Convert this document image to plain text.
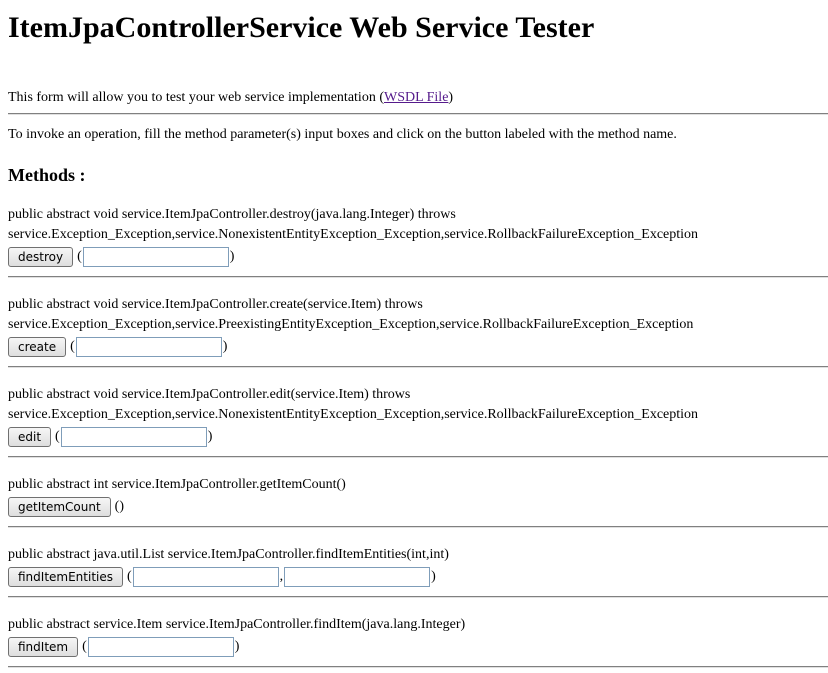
ItemJpaControllerService Web Service Tester
This form will allow you to test your web service implementation (WSDL File)
To invoke an operation, fill the method parameter(s) input boxes and click on the button labeled with the method name.
Methods :
public abstract void service.ItemJpaController.destroy(java.lang.Integer) throws
service.Exception_Exception,service.NonexistentEntityException_Exception,service.RollbackFailureException_Exception
destroy	(	)
public abstract void service.ItemJpaController.create(service.Item) throws
service.Exception_Exception,service.PreexistingEntityException_Exception,service.RollbackFailureException_Exception
create	(	)
public abstract void service.ItemJpaController.edit(service.Item) throws
service.Exception_Exception,service.NonexistentEntityException_Exception,service.RollbackFailureException_Exception
edit	(	)
public abstract int service.ItemJpaController.getItemCount()
getItemCount	()
public abstract java.util.List service.ItemJpaController.findItemEntities(int,int)
findItemEntities	(	,	)
public abstract service.Item service.ItemJpaController.findItem(java.lang.Integer)
findItem	(	)
